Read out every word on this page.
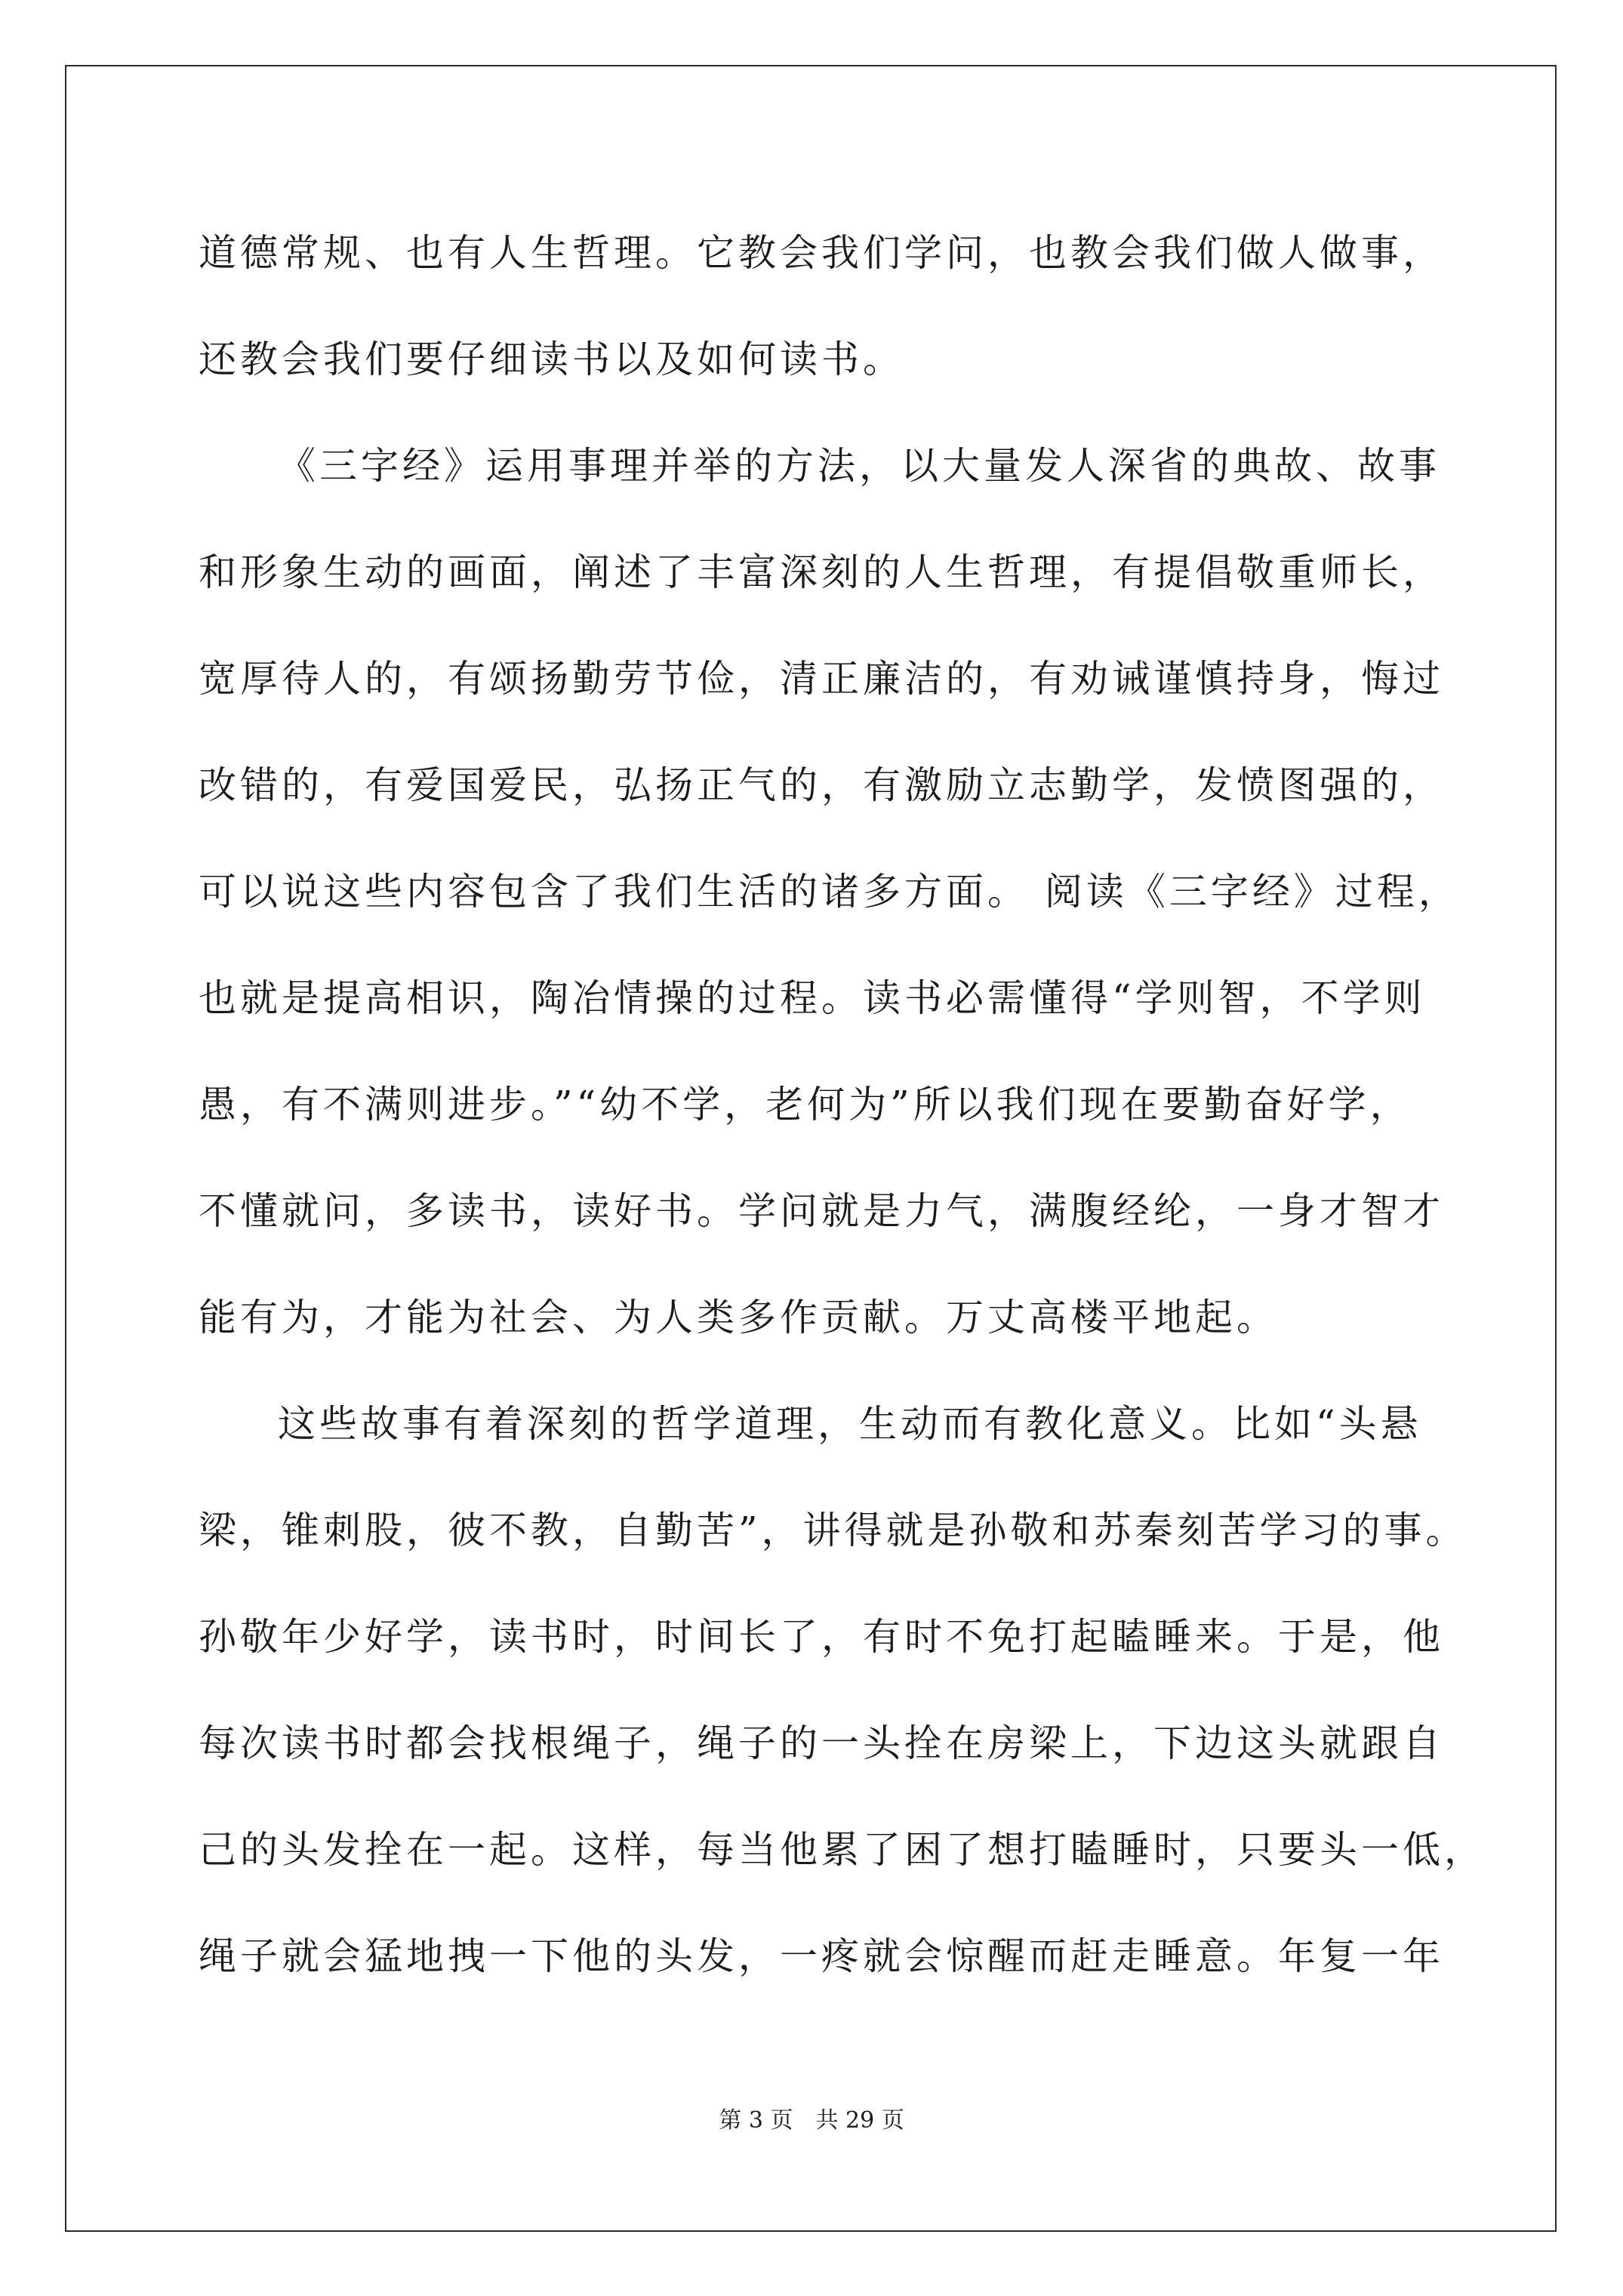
道德常规、也有人生哲理。它教会我们学问，也教会我们做人做事，
还教会我们要仔细读书以及如何读书。
《三字经》运用事理并举的方法，以大量发人深省的典故、故事
和形象生动的画面，阐述了丰富深刻的人生哲理，有提倡敬重师长，
宽厚待人的，有颂扬勤劳节俭，清正廉洁的，有劝诫谨慎持身，悔过
改错的，有爱国爱民，弘扬正气的，有激励立志勤学，发愤图强的，
可以说这些内容包含了我们生活的诸多方面。 阅读《三字经》过程，
也就是提高相识，陶冶情操的过程。读书必需懂得“学则智，不学则
愚，有不满则进步。”“幼不学，老何为”所以我们现在要勤奋好学，
不懂就问，多读书，读好书。学问就是力气，满腹经纶，一身才智才
能有为，才能为社会、为人类多作贡献。万丈高楼平地起。
这些故事有着深刻的哲学道理，生动而有教化意义。比如“头悬
梁，锥刺股，彼不教，自勤苦”，讲得就是孙敬和苏秦刻苦学习的事。
孙敬年少好学，读书时，时间长了，有时不免打起瞌睡来。于是，他
每次读书时都会找根绳子，绳子的一头拴在房梁上，下边这头就跟自
己的头发拴在一起。这样，每当他累了困了想打瞌睡时，只要头一低，
绳子就会猛地拽一下他的头发，一疼就会惊醒而赶走睡意。年复一年
第 3 页　共 29 页
